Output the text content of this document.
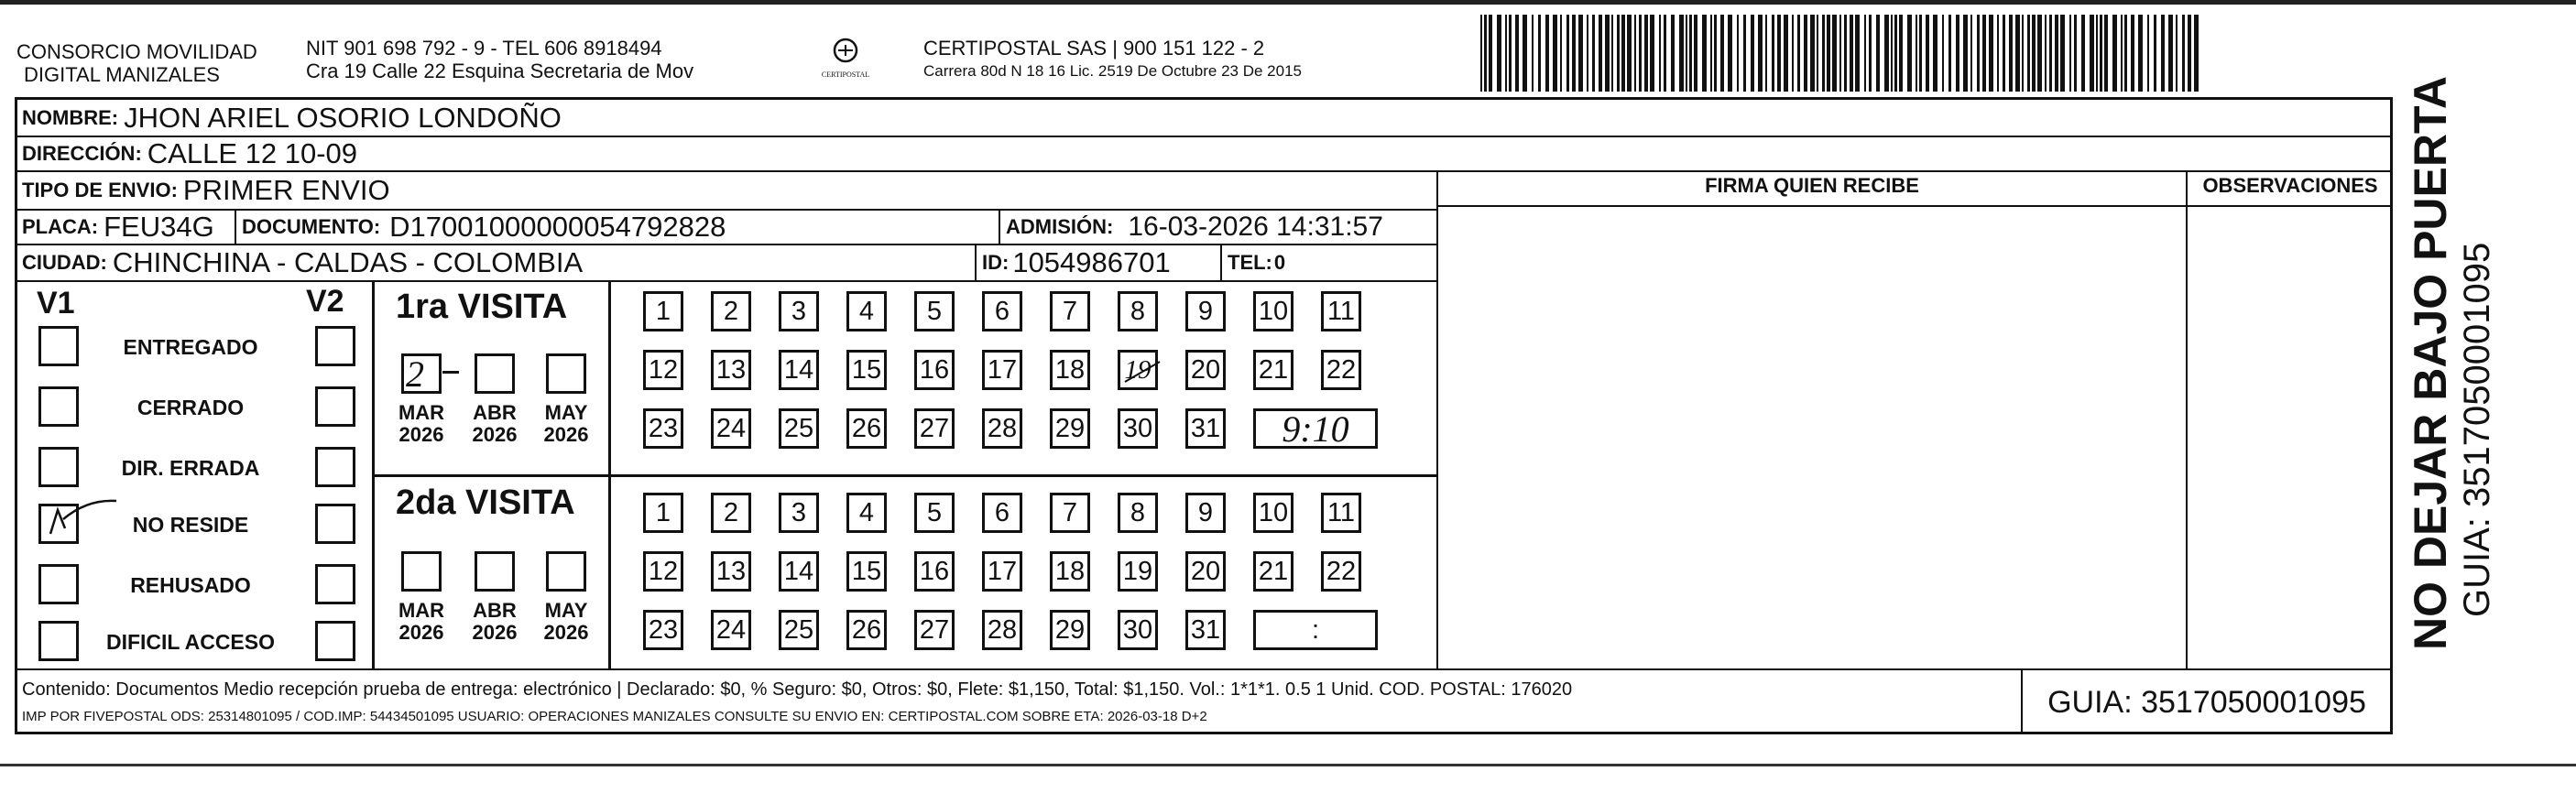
CONSORCIO MOVILIDAD
DIGITAL MANIZALES
NIT 901 698 792 - 9 - TEL 606 8918494
Cra 19 Calle 22 Esquina Secretaria de Mov	CERTIPOSTAL
CERTIPOSTAL SAS | 900 151 122 - 2
Carrera 80d N 18 16 Lic. 2519 De Octubre 23 De 2015
NOMBRE: JHON ARIEL OSORIO LONDOÑO
DIRECCIÓN: CALLE 12 10-09
TIPO DE ENVIO: PRIMER ENVIO
PLACA: FEU34G DOCUMENTO: D17001000000054792828	ADMISIÓN: 16-03-2026 14:31:57
CIUDAD: CHINCHINA - CALDAS - COLOMBIA	ID: 1054986701	TEL: 0
FIRMA QUIEN RECIBE	OBSERVACIONES
V1	V2
ENTREGADO
CERRADO
DIR. ERRADA
NO RESIDE
REHUSADO
DIFICIL ACCESO
1ra VISITA
2
MAR
2026
ABR
2026
MAY
2026
1	2	3	4	5	6	7	8	9	10 11
12 13 14 15 16 17 18 19 20 21 22
23 24 25 26 27 28 29 30 31	9:10
2da VISITA
MAR
2026
ABR
2026
MAY
2026
1	2	3	4	5	6	7	8	9	10 11
12 13 14 15 16 17 18 19 20 21 22
23 24 25 26 27 28 29 30 31	:
Contenido: Documentos Medio recepción prueba de entrega: electrónico | Declarado: $0, % Seguro: $0, Otros: $0, Flete: $1,150, Total: $1,150. Vol.: 1*1*1. 0.5 1 Unid. COD. POSTAL: 176020
IMP POR FIVEPOSTAL ODS: 25314801095 / COD.IMP: 54434501095 USUARIO: OPERACIONES MANIZALES CONSULTE SU ENVIO EN: CERTIPOSTAL.COM SOBRE ETA: 2026-03-18 D+2	GUIA: 3517050001095
NO DEJAR BAJO PUERTA GUIA: 3517050001095
